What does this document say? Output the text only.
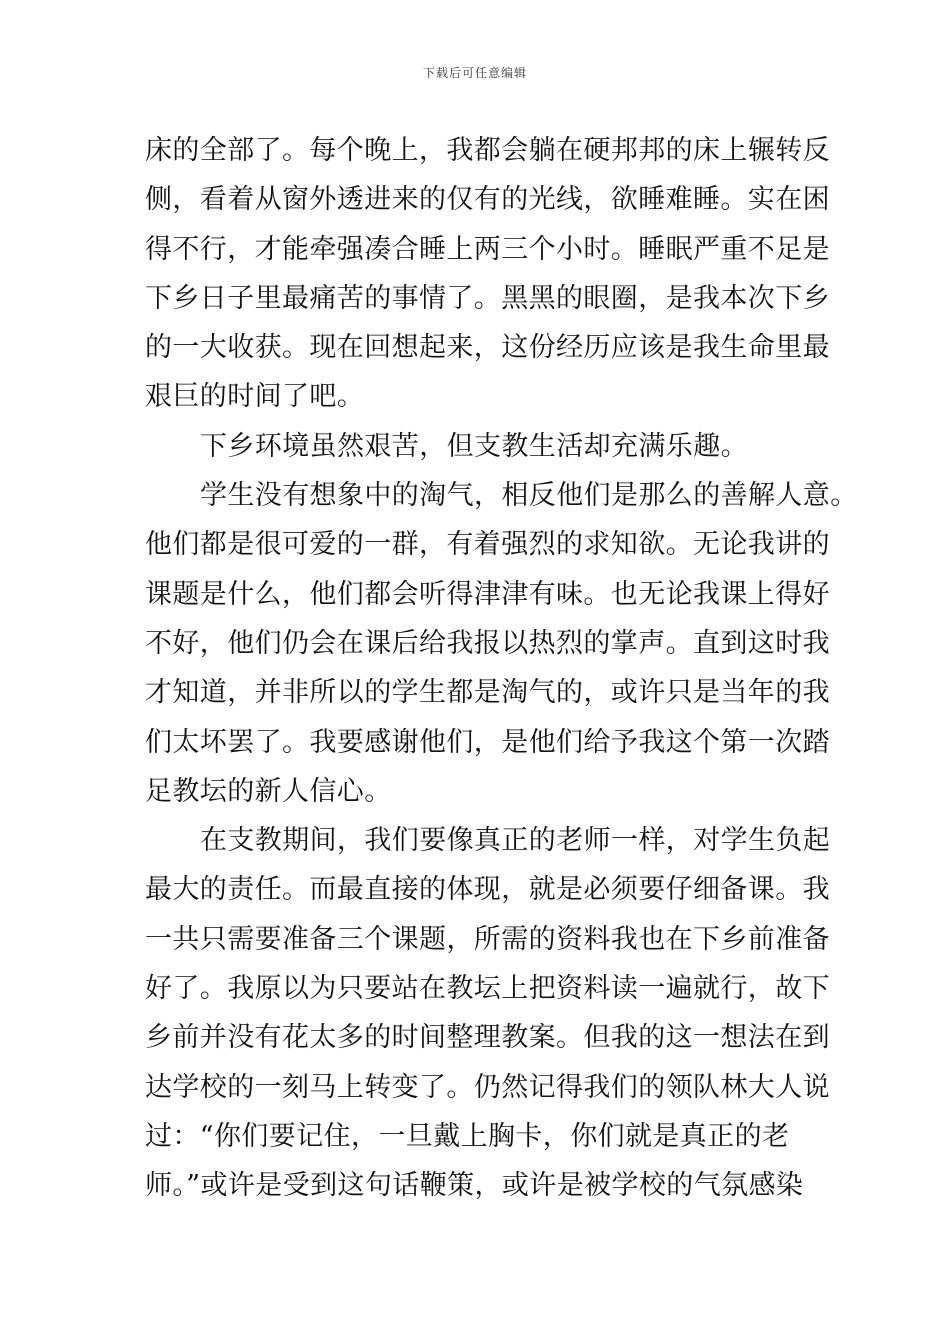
下载后可任意编辑
床的全部了。每个晚上，我都会躺在硬邦邦的床上辗转反
侧，看着从窗外透进来的仅有的光线，欲睡难睡。实在困
得不行，才能牵强凑合睡上两三个小时。睡眠严重不足是
下乡日子里最痛苦的事情了。黑黑的眼圈，是我本次下乡
的一大收获。现在回想起来，这份经历应该是我生命里最
艰巨的时间了吧。
下乡环境虽然艰苦，但支教生活却充满乐趣。
学生没有想象中的淘气，相反他们是那么的善解人意。
他们都是很可爱的一群，有着强烈的求知欲。无论我讲的
课题是什么，他们都会听得津津有味。也无论我课上得好
不好，他们仍会在课后给我报以热烈的掌声。直到这时我
才知道，并非所以的学生都是淘气的，或许只是当年的我
们太坏罢了。我要感谢他们，是他们给予我这个第一次踏
足教坛的新人信心。
在支教期间，我们要像真正的老师一样，对学生负起
最大的责任。而最直接的体现，就是必须要仔细备课。我
一共只需要准备三个课题，所需的资料我也在下乡前准备
好了。我原以为只要站在教坛上把资料读一遍就行，故下
乡前并没有花太多的时间整理教案。但我的这一想法在到
达学校的一刻马上转变了。仍然记得我们的领队林大人说
过：“你们要记住，一旦戴上胸卡，你们就是真正的老
师。”或许是受到这句话鞭策，或许是被学校的气氛感染
